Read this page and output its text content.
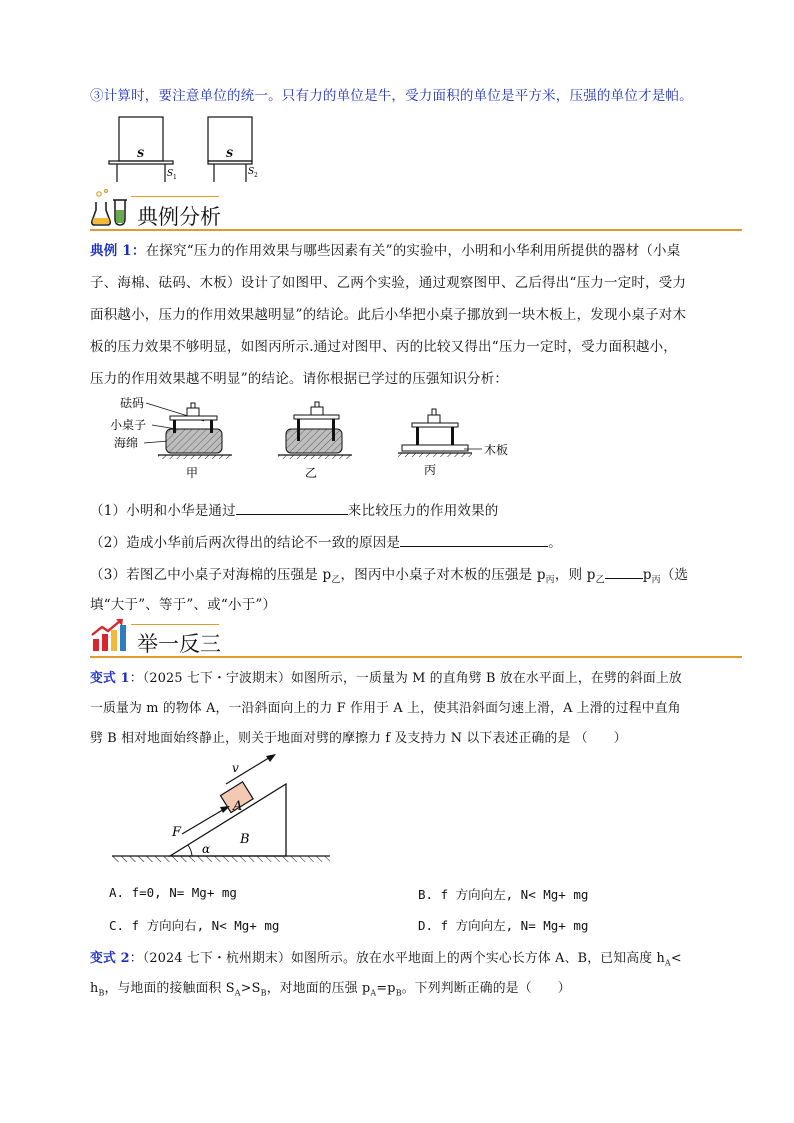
③计算时，要注意单位的统一。只有力的单位是牛，受力面积的单位是平方米，压强的单位才是帕。
S
S 1
S
S 2
典例分析
典例 1：在探究“压力的作用效果与哪些因素有关”的实验中，小明和小华利用所提供的器材（小桌
子、海棉、砝码、木板）设计了如图甲、乙两个实验，通过观察图甲、乙后得出“压力一定时，受力
面积越小，压力的作用效果越明显”的结论。此后小华把小桌子挪放到一块木板上，发现小桌子对木
板的压力效果不够明显，如图丙所示.通过对图甲、丙的比较又得出“压力一定时，受力面积越小，
压力的作用效果越不明显”的结论。请你根据已学过的压强知识分析：
砝码
小桌子
海绵
甲	乙
木板
丙
（1）小明和小华是通过	来比较压力的作用效果的
（2）造成小华前后两次得出的结论不一致的原因是	。
（3）若图乙中小桌子对海棉的压强是 $p_乙$，图丙中小桌子对木板的压强是 $p_丙$，则 $p_乙$	$p_丙$（选
填“大于”、等于”、或“小于”）
举一反三
变式 1：（2025 七下・宁波期末）如图所示，一质量为 M 的直角劈 B 放在水平面上，在劈的斜面上放
一质量为 m 的物体 A，一沿斜面向上的力 F 作用于 A 上，使其沿斜面匀速上滑，A 上滑的过程中直角
劈 B 相对地面始终静止，则关于地面对劈的摩擦力 f 及支持力 N 以下表述正确的是 （　　）
α
A
B
v
F
A. f=0, N= Mg+ mg	B. f 方向向左, N< Mg+ mg
C. f 方向向右, N< Mg+ mg	D. f 方向向左, N= Mg+ mg
变式 2：（2024 七下・杭州期末）如图所示。放在水平地面上的两个实心长方体 A、B，已知高度 $h_A<$
$h_B$，与地面的接触面积 $S_A>S_B$，对地面的压强 $p_A=p_B$。下列判断正确的是（　　）
